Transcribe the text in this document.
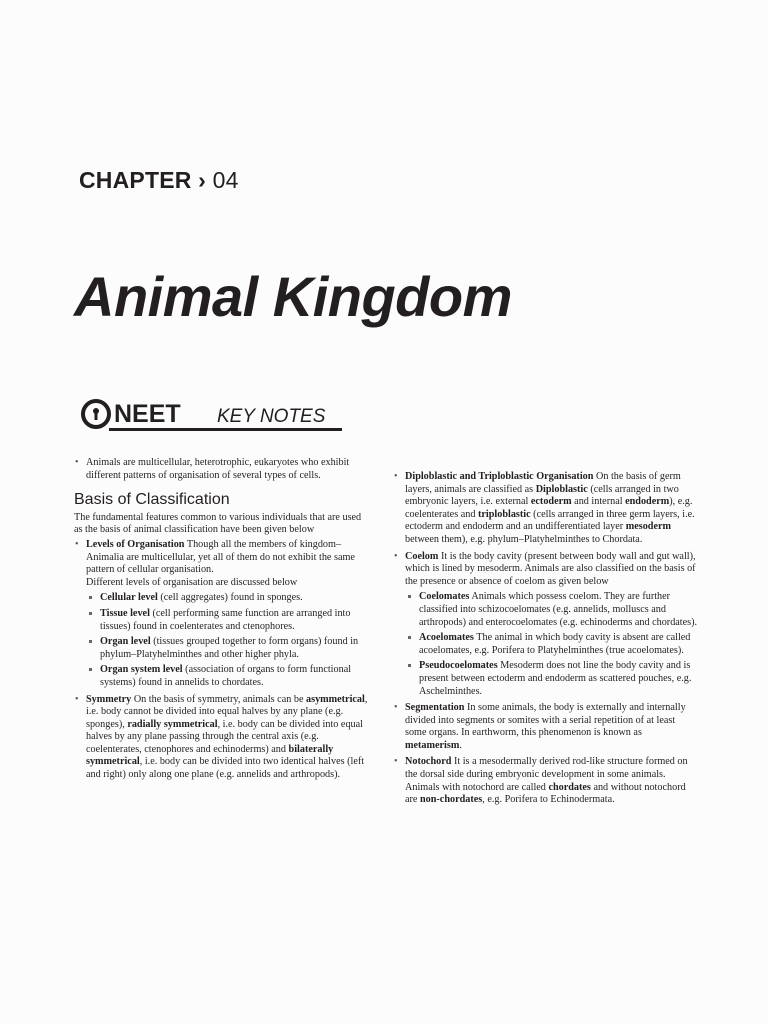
CHAPTER › 04
Animal Kingdom
NEET KEY NOTES
• Animals are multicellular, heterotrophic, eukaryotes who exhibit different patterns of organisation of several types of cells.
Basis of Classification

The fundamental features common to various individuals that are used as the basis of animal classification have been given below

• Levels of Organisation Though all the members of kingdom–Animalia are multicellular, yet all of them do not exhibit the same pattern of cellular organisation.
Different levels of organisation are discussed below
Cellular level (cell aggregates) found in sponges.
Tissue level (cell performing same function are arranged into tissues) found in coelenterates and ctenophores.
Organ level (tissues grouped together to form organs) found in phylum–Platyhelminthes and other higher phyla.
Organ system level (association of organs to form functional systems) found in annelids to chordates.
• Symmetry On the basis of symmetry, animals can be asymmetrical, i.e. body cannot be divided into equal halves by any plane (e.g. sponges), radially symmetrical, i.e. body can be divided into equal halves by any plane passing through the central axis (e.g. coelenterates, ctenophores and echinoderms) and bilaterally symmetrical, i.e. body can be divided into two identical halves (left and right) only along one plane (e.g. annelids and arthropods).
• Diploblastic and Triploblastic Organisation On the basis of germ layers, animals are classified as Diploblastic (cells arranged in two embryonic layers, i.e. external ectoderm and internal endoderm), e.g. coelenterates and triploblastic (cells arranged in three germ layers, i.e. ectoderm and endoderm and an undifferentiated layer mesoderm between them), e.g. phylum–Platyhelminthes to Chordata.
• Coelom It is the body cavity (present between body wall and gut wall), which is lined by mesoderm. Animals are also classified on the basis of the presence or absence of coelom as given below
Coelomates Animals which possess coelom. They are further classified into schizocoelomates (e.g. annelids, molluscs and arthropods) and enterocoelomates (e.g. echinoderms and chordates).
Acoelomates The animal in which body cavity is absent are called acoelomates, e.g. Porifera to Platyhelminthes (true acoelomates).
Pseudocoelomates Mesoderm does not line the body cavity and is present between ectoderm and endoderm as scattered pouches, e.g. Aschelminthes.
• Segmentation In some animals, the body is externally and internally divided into segments or somites with a serial repetition of at least some organs. In earthworm, this phenomenon is known as metamerism.
• Notochord It is a mesodermally derived rod-like structure formed on the dorsal side during embryonic development in some animals. Animals with notochord are called chordates and without notochord are non-chordates, e.g. Porifera to Echinodermata.
